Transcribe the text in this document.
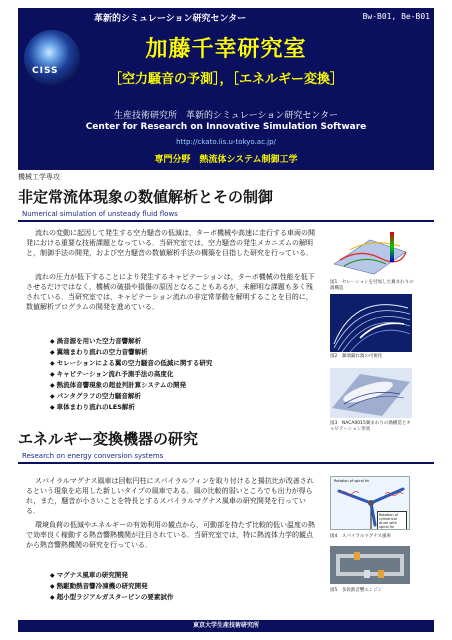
革新的シミュレーション研究センター	Bw-B01, Be-B01
CISS
加藤千幸研究室
［空力騒音の予測］，［エネルギー変換］
生産技術研究所　革新的シミュレーション研究センター
Center for Research on Innovative Simulation Software
http://ckato.iis.u-tokyo.ac.jp/
専門分野　熱流体システム制御工学
機械工学専攻
非定常流体現象の数値解析とその制御
Numerical simulation of unsteady fluid flows
流れの変動に起因して発生する空力騒音の低減は，ターボ機械や高速に走行する車両の開発における重要な技術課題となっている．当研究室では，空力騒音の発生メカニズムの解明と，制御手法の開発，および空力騒音の数値解析手法の構築を目指した研究を行っている．
流れの圧力が低下することにより発生するキャビテーションは，ターボ機械の性能を低下させるだけではなく，機械の破損や損傷の原因となることもあるが，未解明な課題も多く残されている．当研究室では，キャビテーション流れの非定常挙動を解明することを目的に，数値解析プログラムの開発を進めている．
◆ 渦音源を用いた空力音響解析
◆ 翼端まわり流れの空力音響解析
◆ セレーションによる翼の空力騒音の低減に関する研究
◆ キャビテーション流れ予測手法の高度化
◆ 熱流体音響現象の超並列計算システムの開発
◆ パンタグラフの空力騒音解析
◆ 車体まわり流れのLES解析
図1　セレーションを付加した翼まわりの渦構造
図2　翼端漏れ渦の可視化
図3　NACA0015翼まわりの渦構造とキャビテーション形状
エネルギー変換機器の研究
Research on energy conversion systems
スパイラルマグナス風車は回転円柱にスパイラルフィンを取り付けると揚抗比が改善されるという現象を応用した新しいタイプの風車である．風の比較的弱いところでも出力が得られ，また，騒音が小さいことを特長とするスパイラルマグナス風車の研究開発を行っている．
環境負荷の低減やエネルギーの有効利用の観点から，可動部を持たず比較的低い温度の熱で効率良く稼動する熱音響熱機関が注目されている．当研究室では，特に熱流体力学的観点から熱音響熱機関の研究を行っている．
◆ マグナス風車の研究開発
◆ 熱駆動熱音響冷凍機の研究開発
◆ 超小型ラジアルガスタービンの要素試作
Rotation of spiral fin
Rotation of cylindrical drum with spiral fin
図4　スパイラルマグナス風車
図5　多段熱音響エンジン
東京大学生産技術研究所
